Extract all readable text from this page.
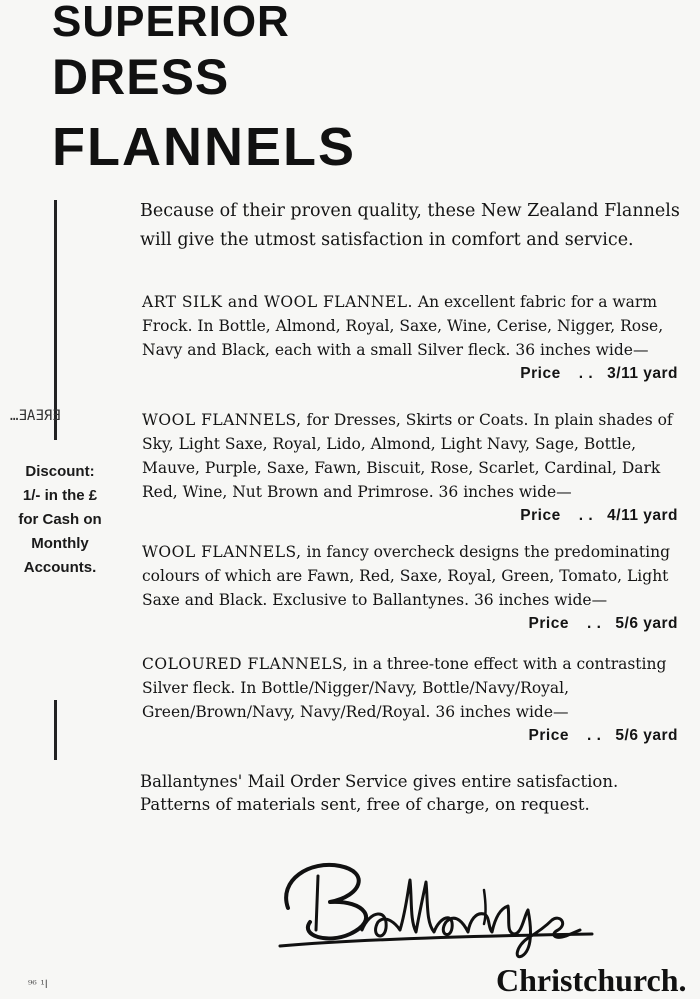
SUPERIOR
DRESS
FLANNELS

Because of their proven quality, these New Zealand Flannels will give the utmost satisfaction in comfort and service.

…ƎAƎЯƎ
Discount:
1/- in the £
for Cash on
Monthly
Accounts.

ART SILK and WOOL FLANNEL. An excellent fabric for a warm Frock. In Bottle, Almond, Royal, Saxe, Wine, Cerise, Nigger, Rose, Navy and Black, each with a small Silver fleck. 36 inches wide—

Price . . 3/11 yard

WOOL FLANNELS, for Dresses, Skirts or Coats. In plain shades of Sky, Light Saxe, Royal, Lido, Almond, Light Navy, Sage, Bottle, Mauve, Purple, Saxe, Fawn, Biscuit, Rose, Scarlet, Cardinal, Dark Red, Wine, Nut Brown and Primrose. 36 inches wide—

Price . . 4/11 yard

WOOL FLANNELS, in fancy overcheck designs the predominating colours of which are Fawn, Red, Saxe, Royal, Green, Tomato, Light Saxe and Black. Exclusive to Ballantynes. 36 inches wide—

Price . . 5/6 yard

COLOURED FLANNELS, in a three-tone effect with a contrasting Silver fleck. In Bottle/Nigger/Navy, Bottle/Navy/Royal, Green/Brown/Navy, Navy/Red/Royal. 36 inches wide—

Price . . 5/6 yard

Ballantynes' Mail Order Service gives entire satisfaction. Patterns of materials sent, free of charge, on request.

Christchurch.
ا¹ ⁹⁶
